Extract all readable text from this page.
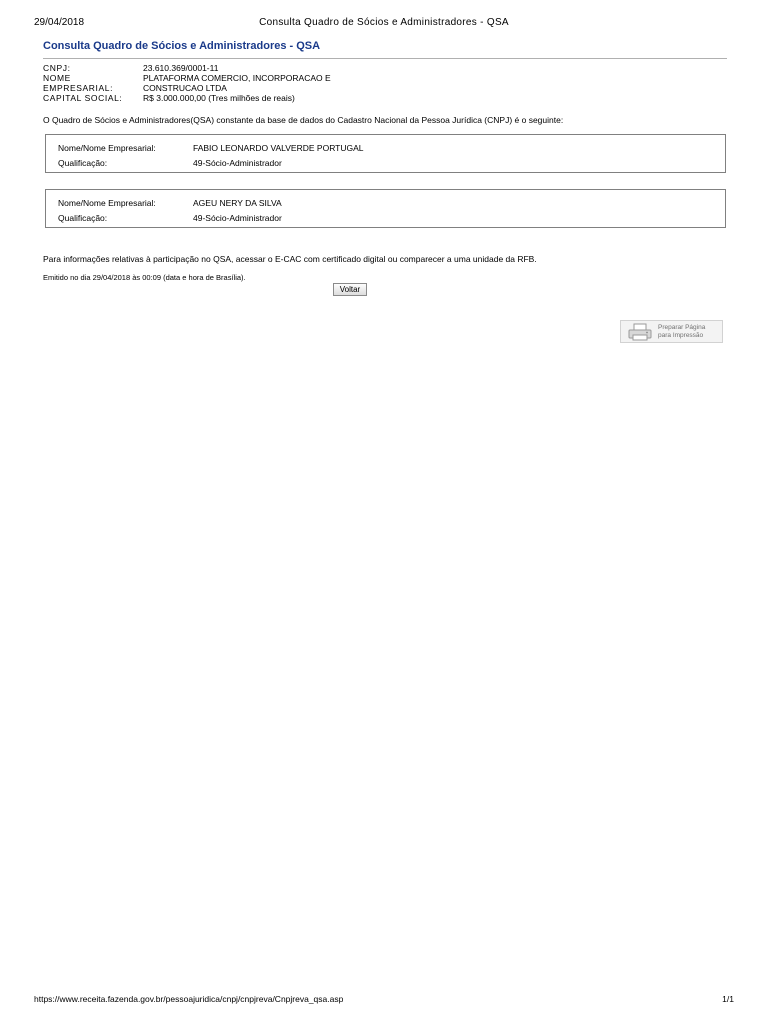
29/04/2018	Consulta Quadro de Sócios e Administradores - QSA
Consulta Quadro de Sócios e Administradores - QSA
CNPJ:	23.610.369/0001-11
NOME EMPRESARIAL:
PLATAFORMA COMERCIO, INCORPORACAO E CONSTRUCAO LTDA
CAPITAL SOCIAL:	R$ 3.000.000,00 (Tres milhões de reais)
O Quadro de Sócios e Administradores(QSA) constante da base de dados do Cadastro Nacional da Pessoa Jurídica (CNPJ) é o seguinte:
Nome/Nome Empresarial:	FABIO LEONARDO VALVERDE PORTUGAL
Qualificação:	49-Sócio-Administrador
Nome/Nome Empresarial:	AGEU NERY DA SILVA
Qualificação:	49-Sócio-Administrador
Para informações relativas à participação no QSA, acessar o E-CAC com certificado digital ou comparecer a uma unidade da RFB.
Emitido no dia 29/04/2018 às 00:09 (data e hora de Brasília).
Voltar
Preparar Página
para Impressão
https://www.receita.fazenda.gov.br/pessoajuridica/cnpj/cnpjreva/Cnpjreva_qsa.asp	1/1
